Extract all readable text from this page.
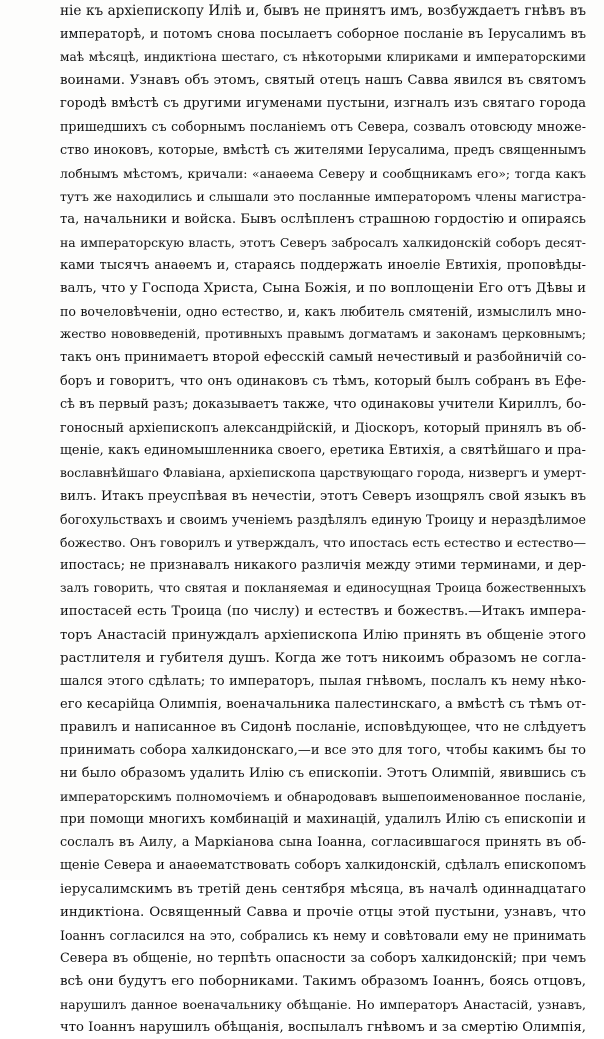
ніе къ архіепископу Иліѣ и, бывъ не принятъ имъ, возбуждаетъ гнѣвъ въ
императорѣ, и потомъ снова посылаетъ соборное посланіе въ Іерусалимъ въ
маѣ мѣсяцѣ, индиктіона шестаго, съ нѣкоторыми клириками и императорскими
воинами. Узнавъ объ этомъ, святый отецъ нашъ Савва явился въ святомъ
городѣ вмѣстѣ съ другими игуменами пустыни, изгналъ изъ святаго города
пришедшихъ съ соборнымъ посланіемъ отъ Севера, созвалъ отовсюду множе-
ство иноковъ, которые, вмѣстѣ съ жителями Іерусалима, предъ священнымъ
лобнымъ мѣстомъ, кричали: «анаѳема Северу и сообщникамъ его»; тогда какъ
тутъ же находились и слышали это посланные императоромъ члены магистра-
та, начальники и войска. Бывъ ослѣпленъ страшною гордостію и опираясь
на императорскую власть, этотъ Северъ забросалъ халкидонскій соборъ десят-
ками тысячъ анаѳемъ и, стараясь поддержать иноеліе Евтихія, проповѣды-
валъ, что у Господа Христа, Сына Божія, и по воплощеніи Его отъ Дѣвы и
по вочеловѣченіи, одно естество, и, какъ любитель смятеній, измыслилъ мно-
жество нововведеній, противныхъ правымъ догматамъ и законамъ церковнымъ;
такъ онъ принимаетъ второй ефесскій самый нечестивый и разбойничій со-
боръ и говоритъ, что онъ одинаковъ съ тѣмъ, который былъ собранъ въ Ефе-
сѣ въ первый разъ; доказываетъ также, что одинаковы учители Кириллъ, бо-
гоносный архіепископъ александрійскій, и Діоскоръ, который принялъ въ об-
щеніе, какъ единомышленника своего, еретика Евтихія, а святѣйшаго и пра-
вославнѣйшаго Флавіана, архіепископа царствующаго города, низвергъ и умерт-
вилъ. Итакъ преуспѣвая въ нечестіи, этотъ Северъ изощрялъ свой языкъ въ
богохульствахъ и своимъ ученіемъ раздѣлялъ единую Троицу и нераздѣлимое
божество. Онъ говорилъ и утверждалъ, что ипостась есть естество и естество—
ипостась; не признавалъ никакого различія между этими терминами, и дер-
залъ говорить, что святая и покланяемая и единосущная Троица божественныхъ
ипостасей есть Троица (по числу) и естествъ и божествъ.—Итакъ импера-
торъ Анастасій принуждалъ архіепископа Илію принять въ общеніе этого
растлителя и губителя душъ. Когда же тотъ никоимъ образомъ не согла-
шался этого сдѣлать; то императоръ, пылая гнѣвомъ, послалъ къ нему нѣко-
его кесарійца Олимпія, военачальника палестинскаго, а вмѣстѣ съ тѣмъ от-
правилъ и написанное въ Сидонѣ посланіе, исповѣдующее, что не слѣдуетъ
принимать собора халкидонскаго,—и все это для того, чтобы какимъ бы то
ни было образомъ удалить Илію съ епископіи. Этотъ Олимпій, явившись съ
императорскимъ полномочіемъ и обнародовавъ вышепоименованное посланіе,
при помощи многихъ комбинацій и махинацій, удалилъ Илію съ епископіи и
сослалъ въ Аилу, а Маркіанова сына Іоанна, согласившагося принять въ об-
щеніе Севера и анаѳематствовать соборъ халкидонскій, сдѣлалъ епископомъ
іерусалимскимъ въ третій день сентября мѣсяца, въ началѣ одиннадцатаго
индиктіона. Освященный Савва и прочіе отцы этой пустыни, узнавъ, что
Іоаннъ согласился на это, собрались къ нему и совѣтовали ему не принимать
Севера въ общеніе, но терпѣть опасности за соборъ халкидонскій; при чемъ
всѣ они будутъ его поборниками. Такимъ образомъ Іоаннъ, боясь отцовъ,
нарушилъ данное военачальнику обѣщаніе. Но императоръ Анастасій, узнавъ,
что Іоаннъ нарушилъ обѣщанія, воспылалъ гнѣвомъ и за смертію Олимпія,
